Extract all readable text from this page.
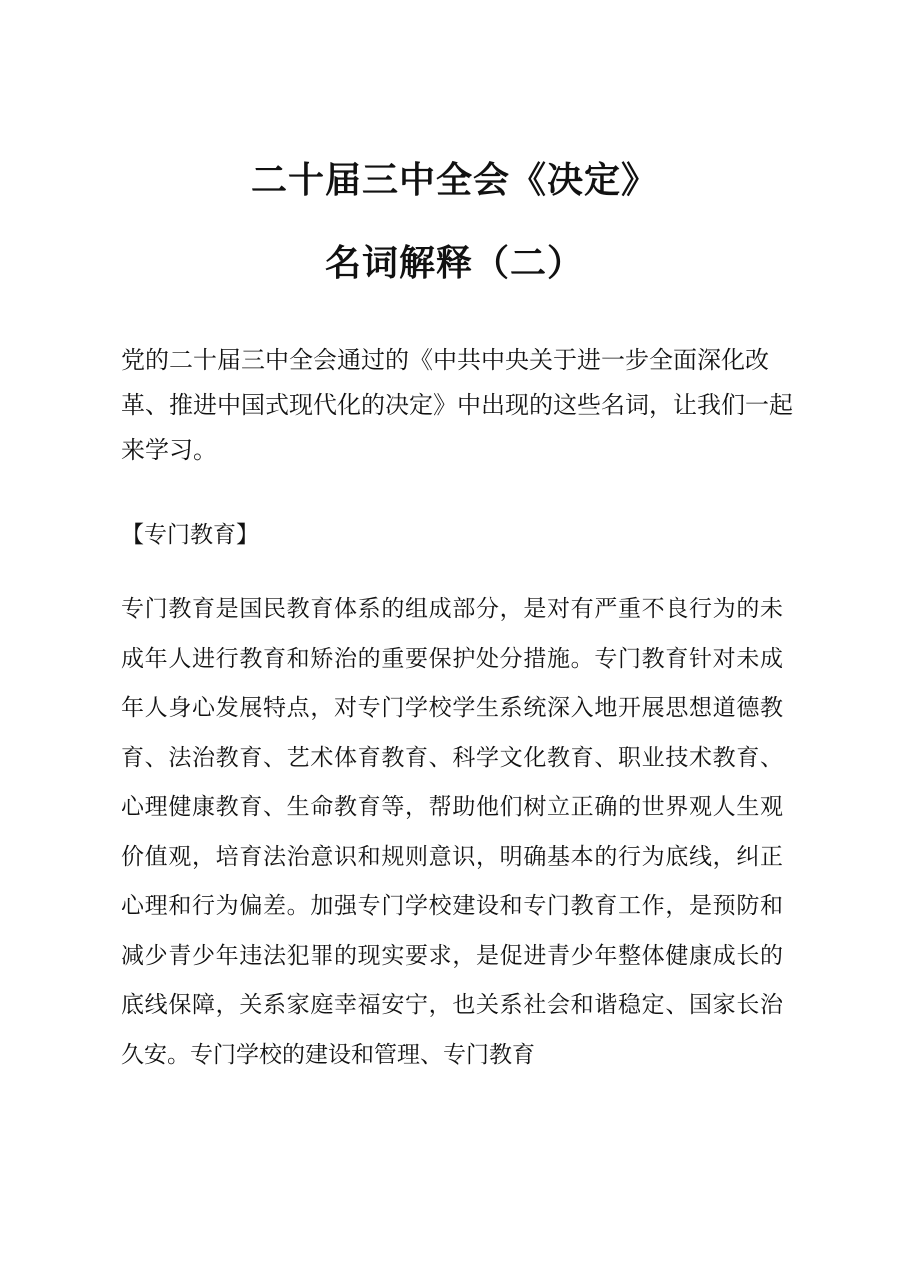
二十届三中全会《决定》
名词解释（二）

党的二十届三中全会通过的《中共中央关于进一步全面深化改革、推进中国式现代化的决定》中出现的这些名词，让我们一起来学习。

【专门教育】

专门教育是国民教育体系的组成部分，是对有严重不良行为的未成年人进行教育和矫治的重要保护处分措施。专门教育针对未成年人身心发展特点，对专门学校学生系统深入地开展思想道德教育、法治教育、艺术体育教育、科学文化教育、职业技术教育、心理健康教育、生命教育等，帮助他们树立正确的世界观人生观价值观，培育法治意识和规则意识，明确基本的行为底线，纠正心理和行为偏差。加强专门学校建设和专门教育工作，是预防和减少青少年违法犯罪的现实要求，是促进青少年整体健康成长的底线保障，关系家庭幸福安宁，也关系社会和谐稳定、国家长治久安。专门学校的建设和管理、专门教育
